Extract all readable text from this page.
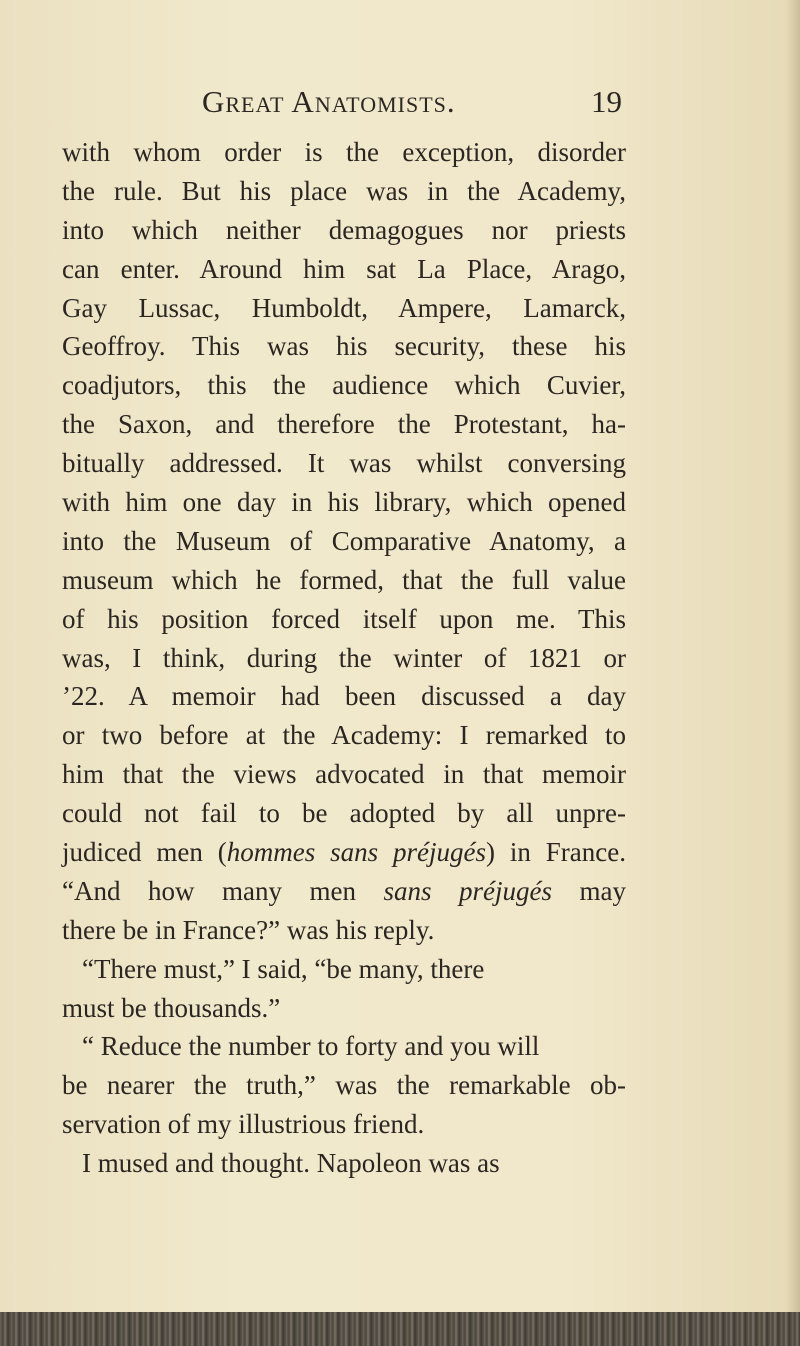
Great Anatomists.	19
with whom order is the exception, disorder
the rule. But his place was in the Academy,
into which neither demagogues nor priests
can enter. Around him sat La Place, Arago,
Gay Lussac, Humboldt, Ampere, Lamarck,
Geoffroy. This was his security, these his
coadjutors, this the audience which Cuvier,
the Saxon, and therefore the Protestant, ha-
bitually addressed. It was whilst conversing
with him one day in his library, which opened
into the Museum of Comparative Anatomy, a
museum which he formed, that the full value
of his position forced itself upon me. This
was, I think, during the winter of 1821 or
’22. A memoir had been discussed a day
or two before at the Academy: I remarked to
him that the views advocated in that memoir
could not fail to be adopted by all unpre-
judiced men (hommes sans préjugés) in France.
“And how many men sans préjugés may
there be in France?” was his reply.
“There must,” I said, “be many, there
must be thousands.”
“ Reduce the number to forty and you will
be nearer the truth,” was the remarkable ob-
servation of my illustrious friend.
I mused and thought. Napoleon was as
